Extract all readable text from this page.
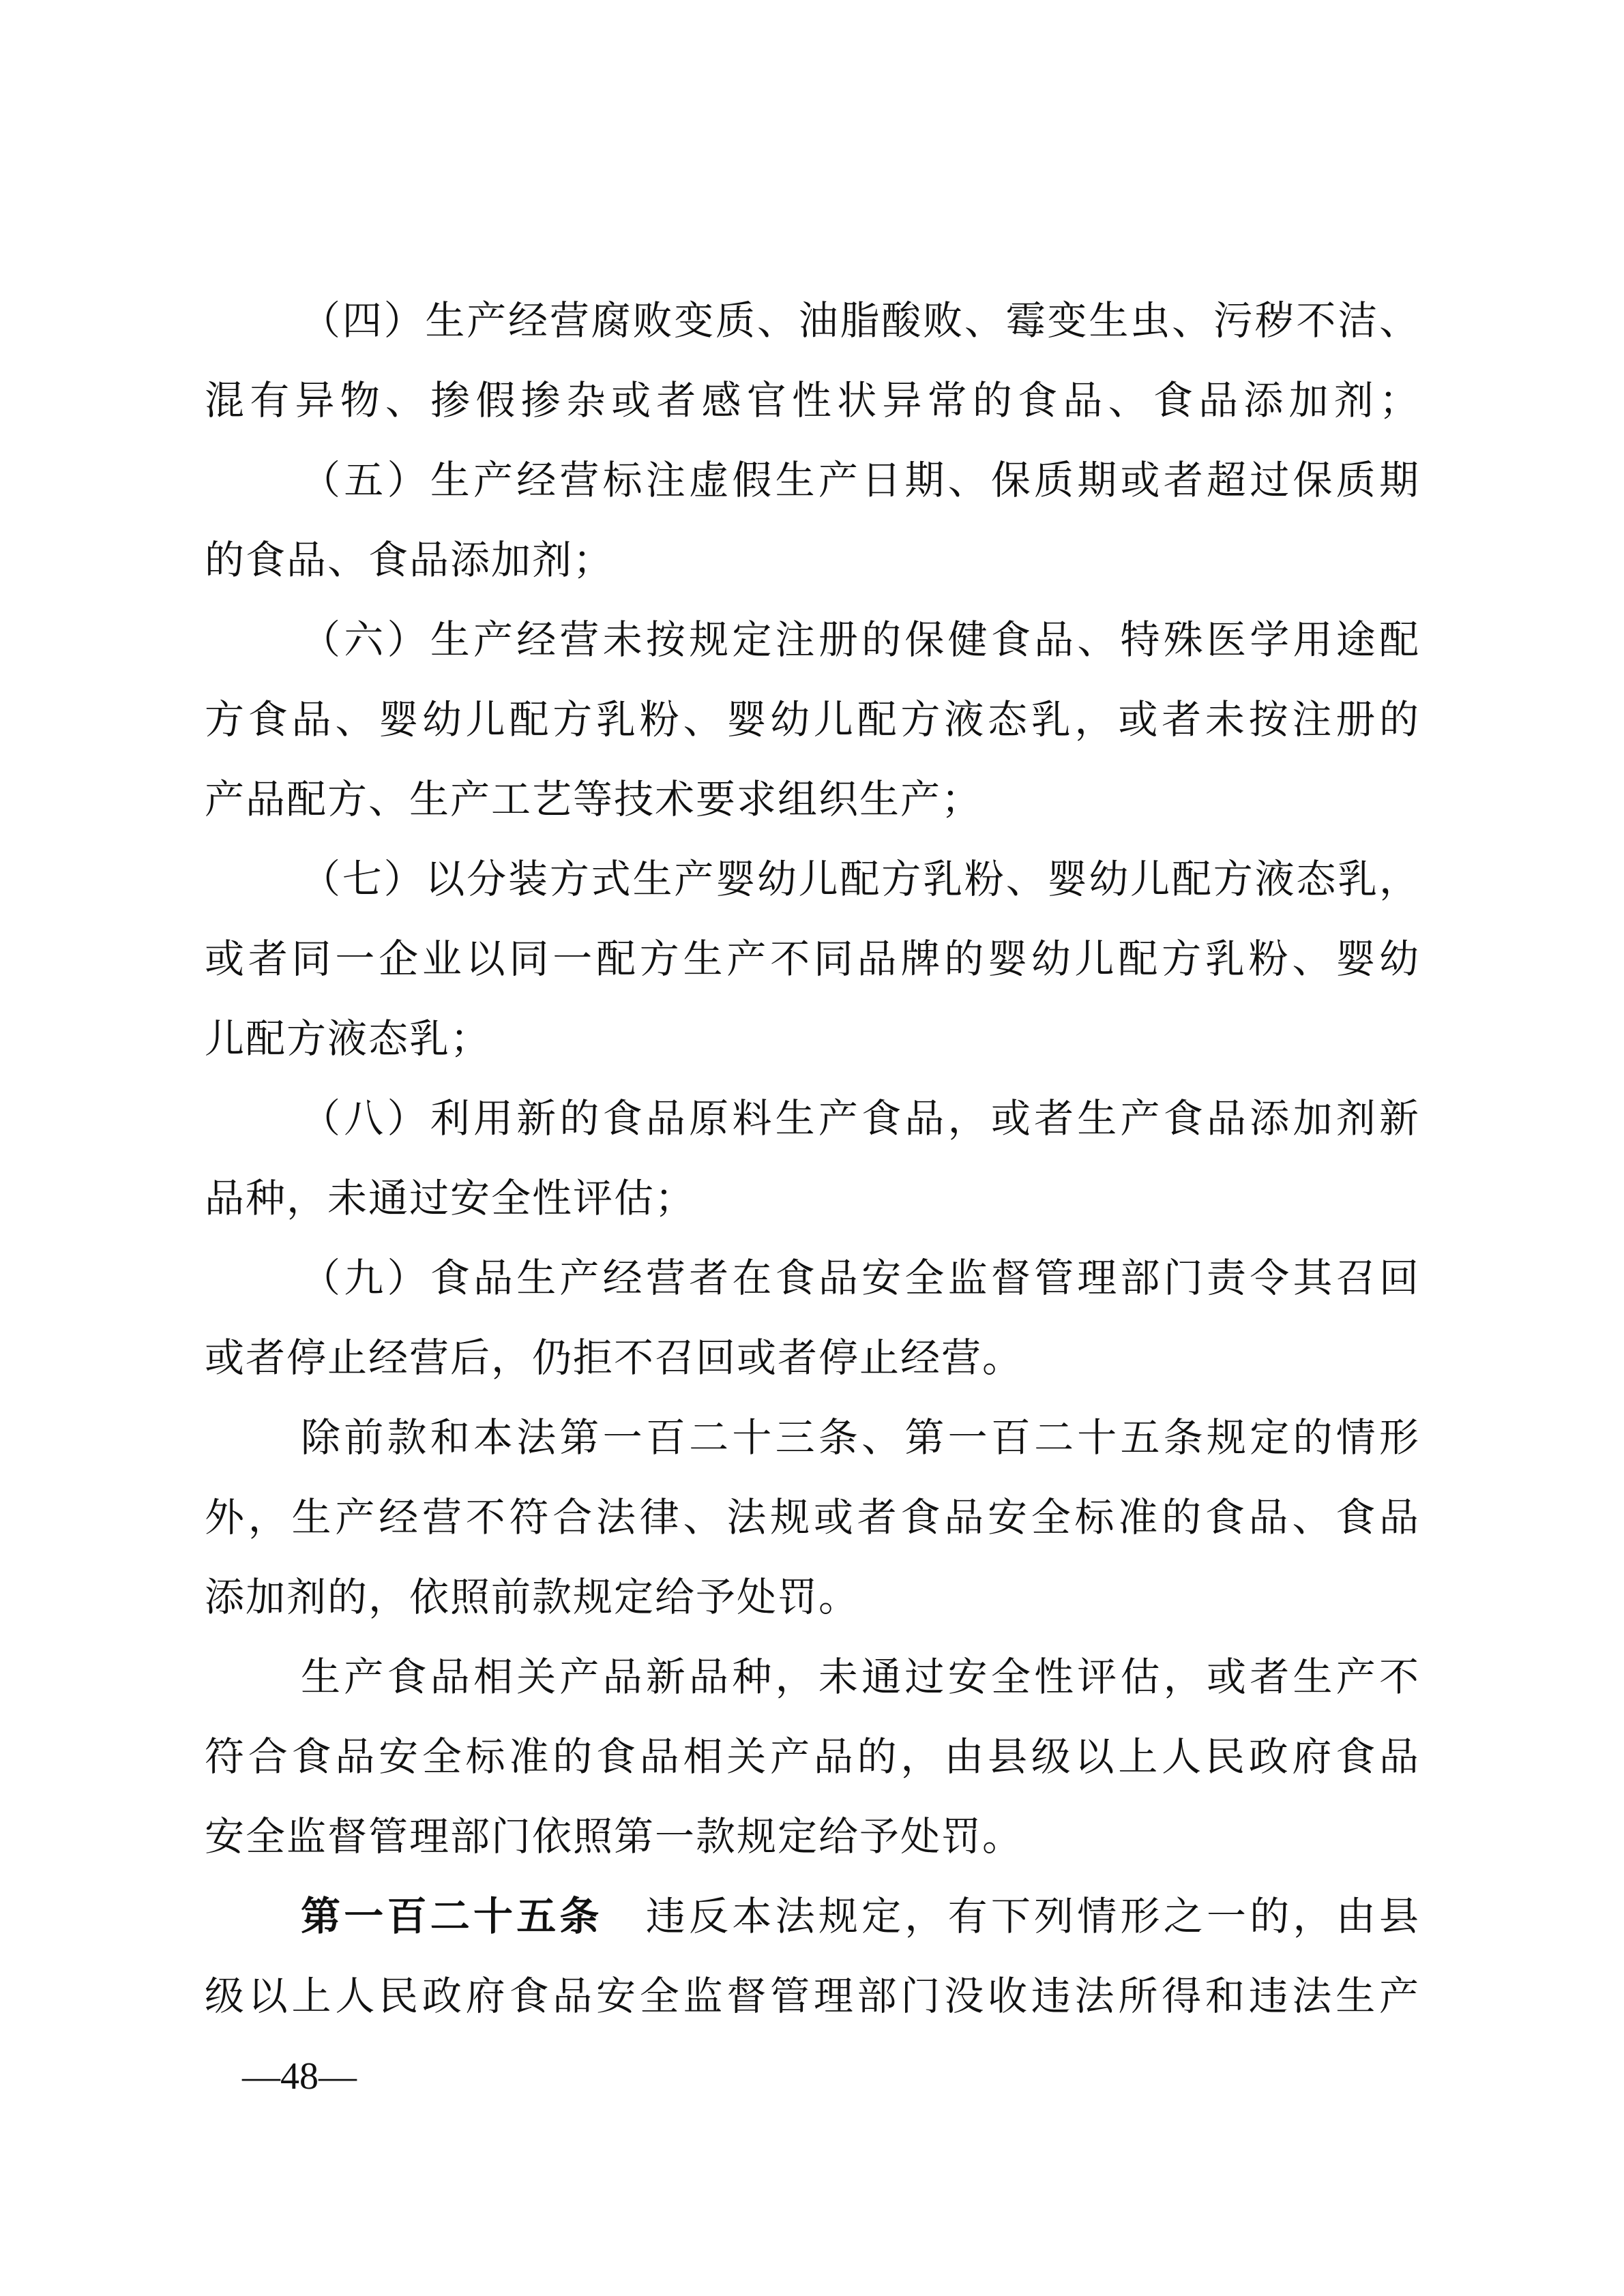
（四）生产经营腐败变质、油脂酸败、霉变生虫、污秽不洁、
混有异物、掺假掺杂或者感官性状异常的食品、食品添加剂；
（五）生产经营标注虚假生产日期、保质期或者超过保质期
的食品、食品添加剂；
（六）生产经营未按规定注册的保健食品、特殊医学用途配
方食品、婴幼儿配方乳粉、婴幼儿配方液态乳，或者未按注册的
产品配方、生产工艺等技术要求组织生产；
（七）以分装方式生产婴幼儿配方乳粉、婴幼儿配方液态乳，
或者同一企业以同一配方生产不同品牌的婴幼儿配方乳粉、婴幼
儿配方液态乳；
（八）利用新的食品原料生产食品，或者生产食品添加剂新
品种，未通过安全性评估；
（九）食品生产经营者在食品安全监督管理部门责令其召回
或者停止经营后，仍拒不召回或者停止经营。
除前款和本法第一百二十三条、第一百二十五条规定的情形
外，生产经营不符合法律、法规或者食品安全标准的食品、食品
添加剂的，依照前款规定给予处罚。
生产食品相关产品新品种，未通过安全性评估，或者生产不
符合食品安全标准的食品相关产品的，由县级以上人民政府食品
安全监督管理部门依照第一款规定给予处罚。
第一百二十五条　违反本法规定，有下列情形之一的，由县
级以上人民政府食品安全监督管理部门没收违法所得和违法生产
—48—
